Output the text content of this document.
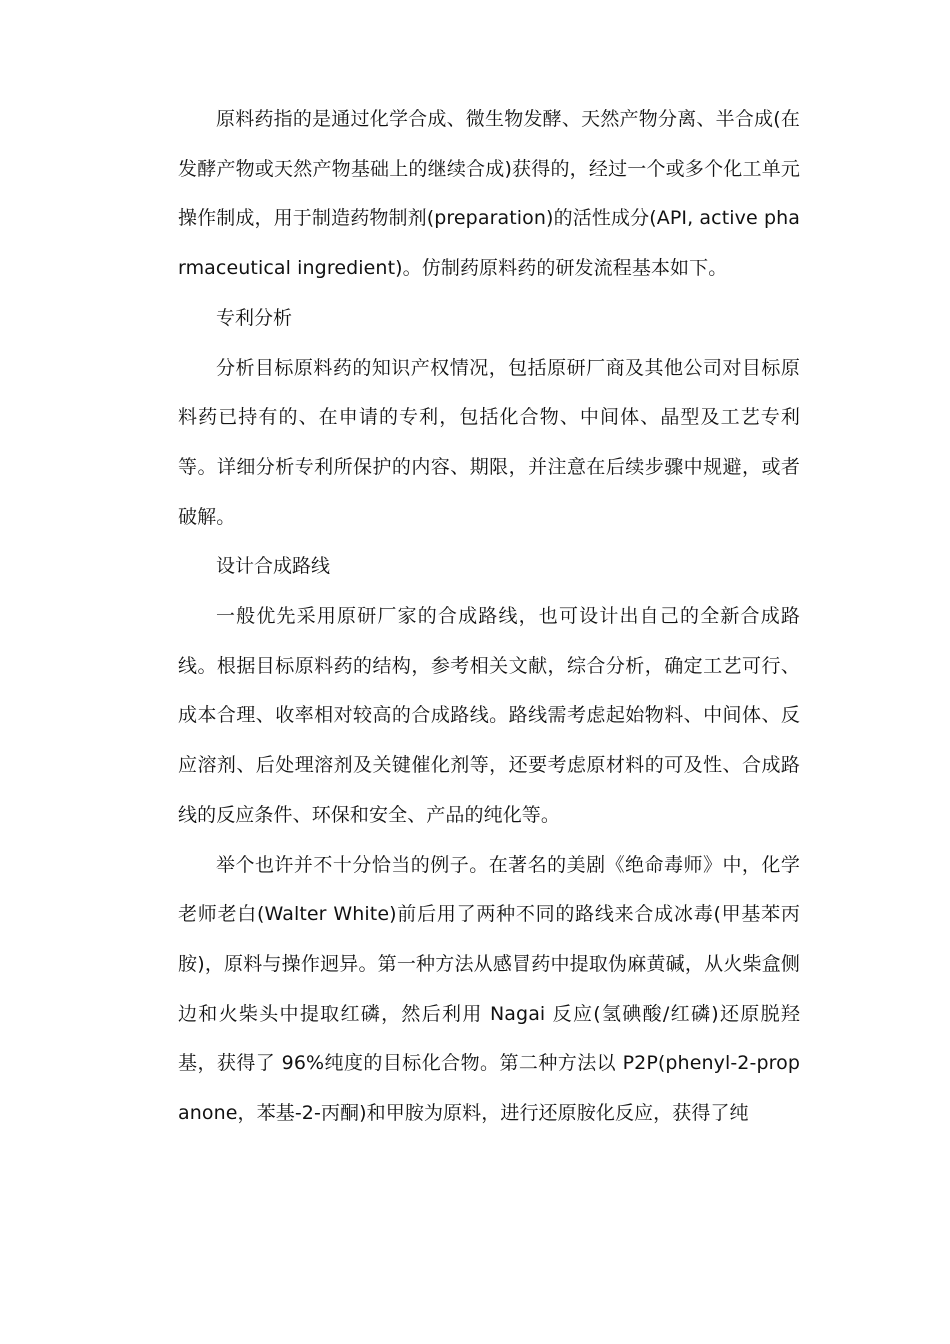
原料药指的是通过化学合成、微生物发酵、天然产物分离、半合成(在发酵产物或天然产物基础上的继续合成)获得的，经过一个或多个化工单元操作制成，用于制造药物制剂(preparation)的活性成分(API, active pharmaceutical ingredient)。仿制药原料药的研发流程基本如下。

专利分析

分析目标原料药的知识产权情况，包括原研厂商及其他公司对目标原料药已持有的、在申请的专利，包括化合物、中间体、晶型及工艺专利等。详细分析专利所保护的内容、期限，并注意在后续步骤中规避，或者破解。

设计合成路线

一般优先采用原研厂家的合成路线，也可设计出自己的全新合成路线。根据目标原料药的结构，参考相关文献，综合分析，确定工艺可行、成本合理、收率相对较高的合成路线。路线需考虑起始物料、中间体、反应溶剂、后处理溶剂及关键催化剂等，还要考虑原材料的可及性、合成路线的反应条件、环保和安全、产品的纯化等。

举个也许并不十分恰当的例子。在著名的美剧《绝命毒师》中，化学老师老白(Walter White)前后用了两种不同的路线来合成冰毒(甲基苯丙胺)，原料与操作迥异。第一种方法从感冒药中提取伪麻黄碱，从火柴盒侧边和火柴头中提取红磷，然后利用 Nagai 反应(氢碘酸/红磷)还原脱羟基，获得了 96%纯度的目标化合物。第二种方法以 P2P(phenyl-2-propanone，苯基-2-丙酮)和甲胺为原料，进行还原胺化反应，获得了纯
